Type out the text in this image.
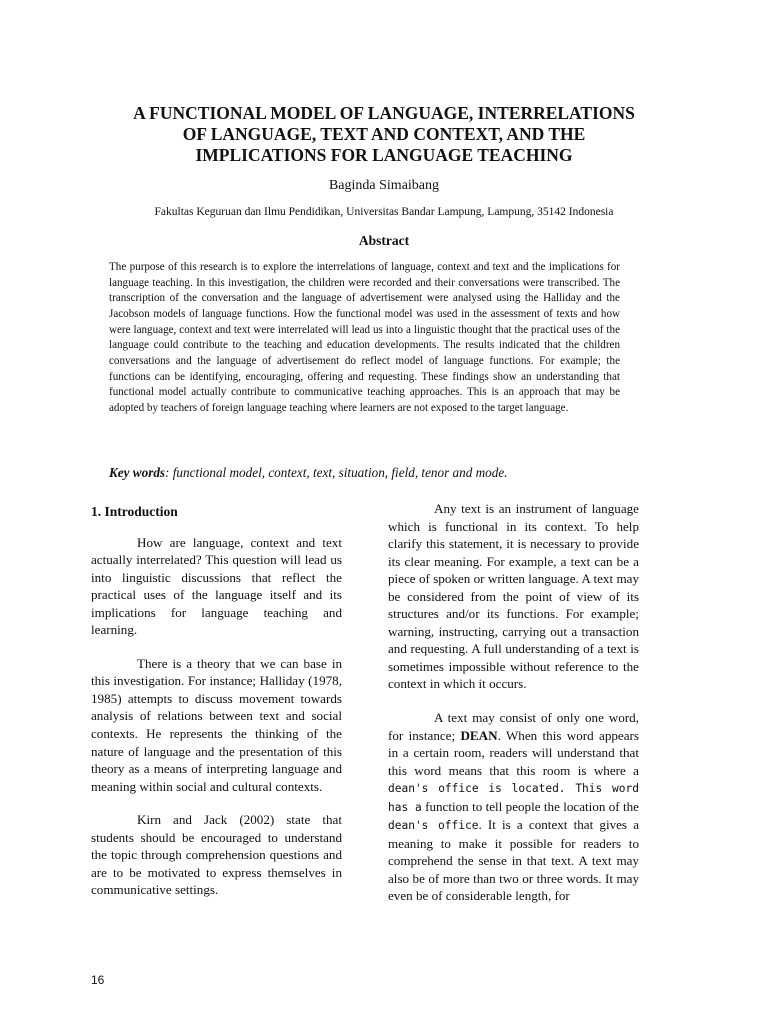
A FUNCTIONAL MODEL OF LANGUAGE, INTERRELATIONS
OF LANGUAGE, TEXT AND CONTEXT, AND THE
IMPLICATIONS FOR LANGUAGE TEACHING

Baginda Simaibang

Fakultas Keguruan dan Ilmu Pendidikan, Universitas Bandar Lampung, Lampung, 35142 Indonesia

Abstract

The purpose of this research is to explore the interrelations of language, context and text and the implications for language teaching. In this investigation, the children were recorded and their conversations were transcribed. The transcription of the conversation and the language of advertisement were analysed using the Halliday and the Jacobson models of language functions. How the functional model was used in the assessment of texts and how were language, context and text were interrelated will lead us into a linguistic thought that the practical uses of the language could contribute to the teaching and education developments. The results indicated that the children conversations and the language of advertisement do reflect model of language functions. For example; the functions can be identifying, encouraging, offering and requesting. These findings show an understanding that functional model actually contribute to communicative teaching approaches. This is an approach that may be adopted by teachers of foreign language teaching where learners are not exposed to the target language.

Key words: functional model, context, text, situation, field, tenor and mode.

1. Introduction

How are language, context and text actually interrelated? This question will lead us into linguistic discussions that reflect the practical uses of the language itself and its implications for language teaching and learning.

There is a theory that we can base in this investigation. For instance; Halliday (1978, 1985) attempts to discuss movement towards analysis of relations between text and social contexts. He represents the thinking of the nature of language and the presentation of this theory as a means of interpreting language and meaning within social and cultural contexts.

Kirn and Jack (2002) state that students should be encouraged to understand the topic through comprehension questions and are to be motivated to express themselves in communicative settings.

Any text is an instrument of language which is functional in its context. To help clarify this statement, it is necessary to provide its clear meaning. For example, a text can be a piece of spoken or written language. A text may be considered from the point of view of its structures and/or its functions. For example; warning, instructing, carrying out a transaction and requesting. A full understanding of a text is sometimes impossible without reference to the context in which it occurs.

A text may consist of only one word, for instance; DEAN. When this word appears in a certain room, readers will understand that this word means that this room is where a dean's office is located. This word has a function to tell people the location of the dean's office. It is a context that gives a meaning to make it possible for readers to comprehend the sense in that text. A text may also be of more than two or three words. It may even be of considerable length, for

16
